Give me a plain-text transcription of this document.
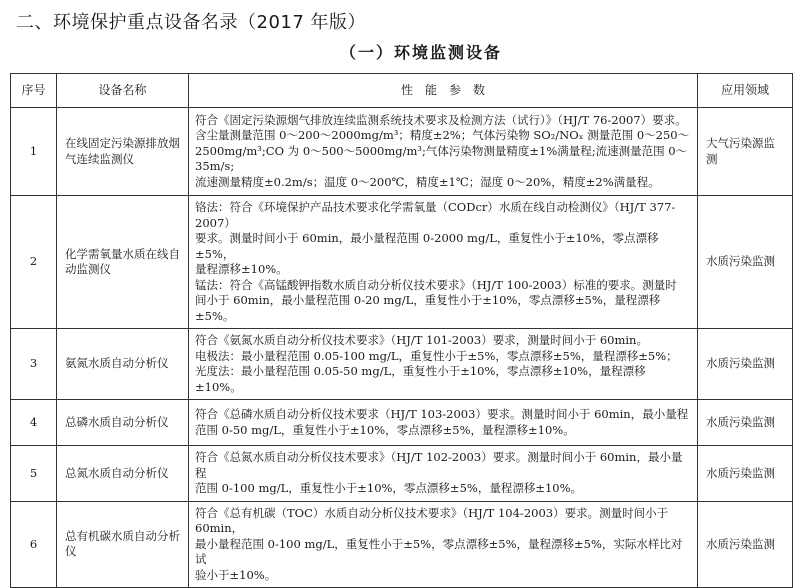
二、环境保护重点设备名录（2017 年版）
（一）环境监测设备
序号	设备名称	性　能　参　数	应用领域
1	在线固定污染源排放烟气连续监测仪	符合《固定污染源烟气排放连续监测系统技术要求及检测方法（试行）》（HJ/T 76-2007）要求。
含尘量测量范围 0～200～2000mg/m³；精度±2%；气体污染物 SO₂/NOₓ 测量范围 0～250～
2500mg/m³;CO 为 0～500～5000mg/m³;气体污染物测量精度±1%满量程;流速测量范围 0～35m/s;
流速测量精度±0.2m/s；温度 0～200℃，精度±1℃；湿度 0～20%，精度±2%满量程。	大气污染源监测
2	化学需氧量水质在线自动监测仪	铬法：符合《环境保护产品技术要求化学需氧量（CODcr）水质在线自动检测仪》（HJ/T 377-2007）
要求。测量时间小于 60min，最小量程范围 0-2000 mg/L，重复性小于±10%，零点漂移±5%，
量程漂移±10%。
锰法：符合《高锰酸钾指数水质自动分析仪技术要求》（HJ/T 100-2003）标准的要求。测量时
间小于 60min，最小量程范围 0-20 mg/L，重复性小于±10%，零点漂移±5%，量程漂移±5%。	水质污染监测
3	氨氮水质自动分析仪	符合《氨氮水质自动分析仪技术要求》（HJ/T 101-2003）要求，测量时间小于 60min。
电极法：最小量程范围 0.05-100 mg/L，重复性小于±5%，零点漂移±5%，量程漂移±5%；
光度法：最小量程范围 0.05-50 mg/L，重复性小于±10%，零点漂移±10%，量程漂移±10%。	水质污染监测
4	总磷水质自动分析仪	符合《总磷水质自动分析仪技术要求（HJ/T 103-2003）要求。测量时间小于 60min，最小量程
范围 0-50 mg/L，重复性小于±10%，零点漂移±5%，量程漂移±10%。	水质污染监测
5	总氮水质自动分析仪	符合《总氮水质自动分析仪技术要求》（HJ/T 102-2003）要求。测量时间小于 60min，最小量程
范围 0-100 mg/L，重复性小于±10%，零点漂移±5%，量程漂移±10%。	水质污染监测
6	总有机碳水质自动分析仪	符合《总有机碳（TOC）水质自动分析仪技术要求》（HJ/T 104-2003）要求。测量时间小于 60min，
最小量程范围 0-100 mg/L，重复性小于±5%，零点漂移±5%，量程漂移±5%，实际水样比对试
验小于±10%。	水质污染监测
